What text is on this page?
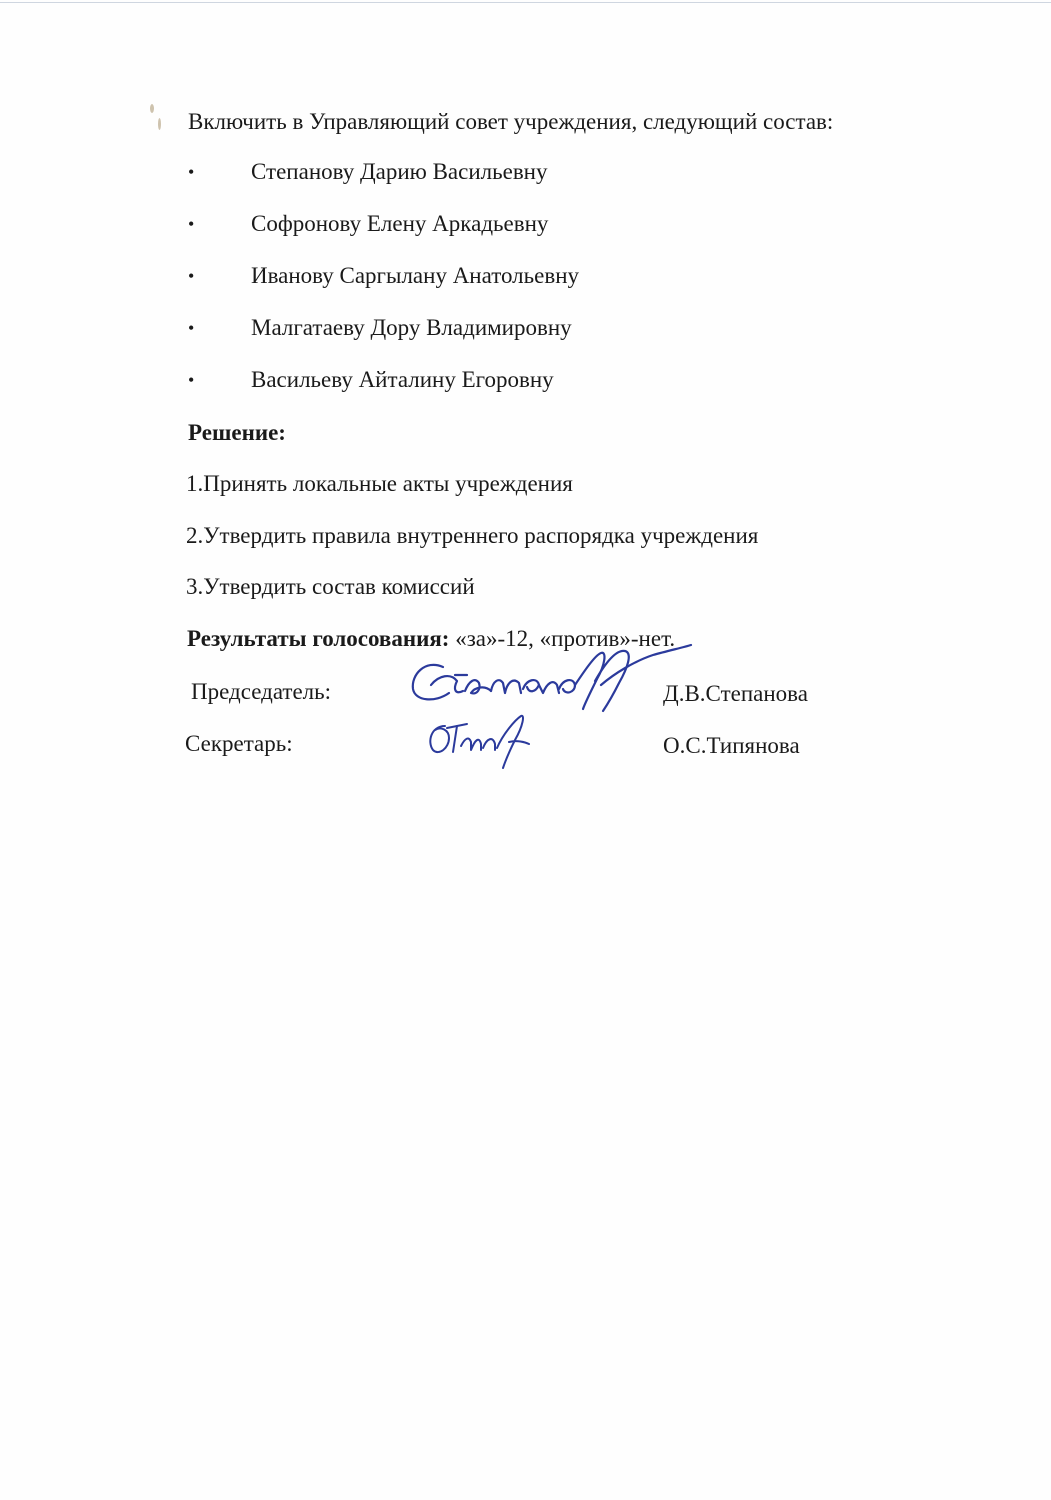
Включить в Управляющий совет учреждения, следующий состав:
• Степанову Дарию Васильевну
• Софронову Елену Аркадьевну
• Иванову Саргылану Анатольевну
• Малгатаеву Дору Владимировну
• Васильеву Айталину Егоровну
Решение:
1.Принять локальные акты учреждения
2.Утвердить правила внутреннего распорядка учреждения
3.Утвердить состав комиссий
Результаты голосования: «за»-12, «против»-нет.
Председатель:	Д.В.Степанова
Секретарь:	О.С.Типянова
